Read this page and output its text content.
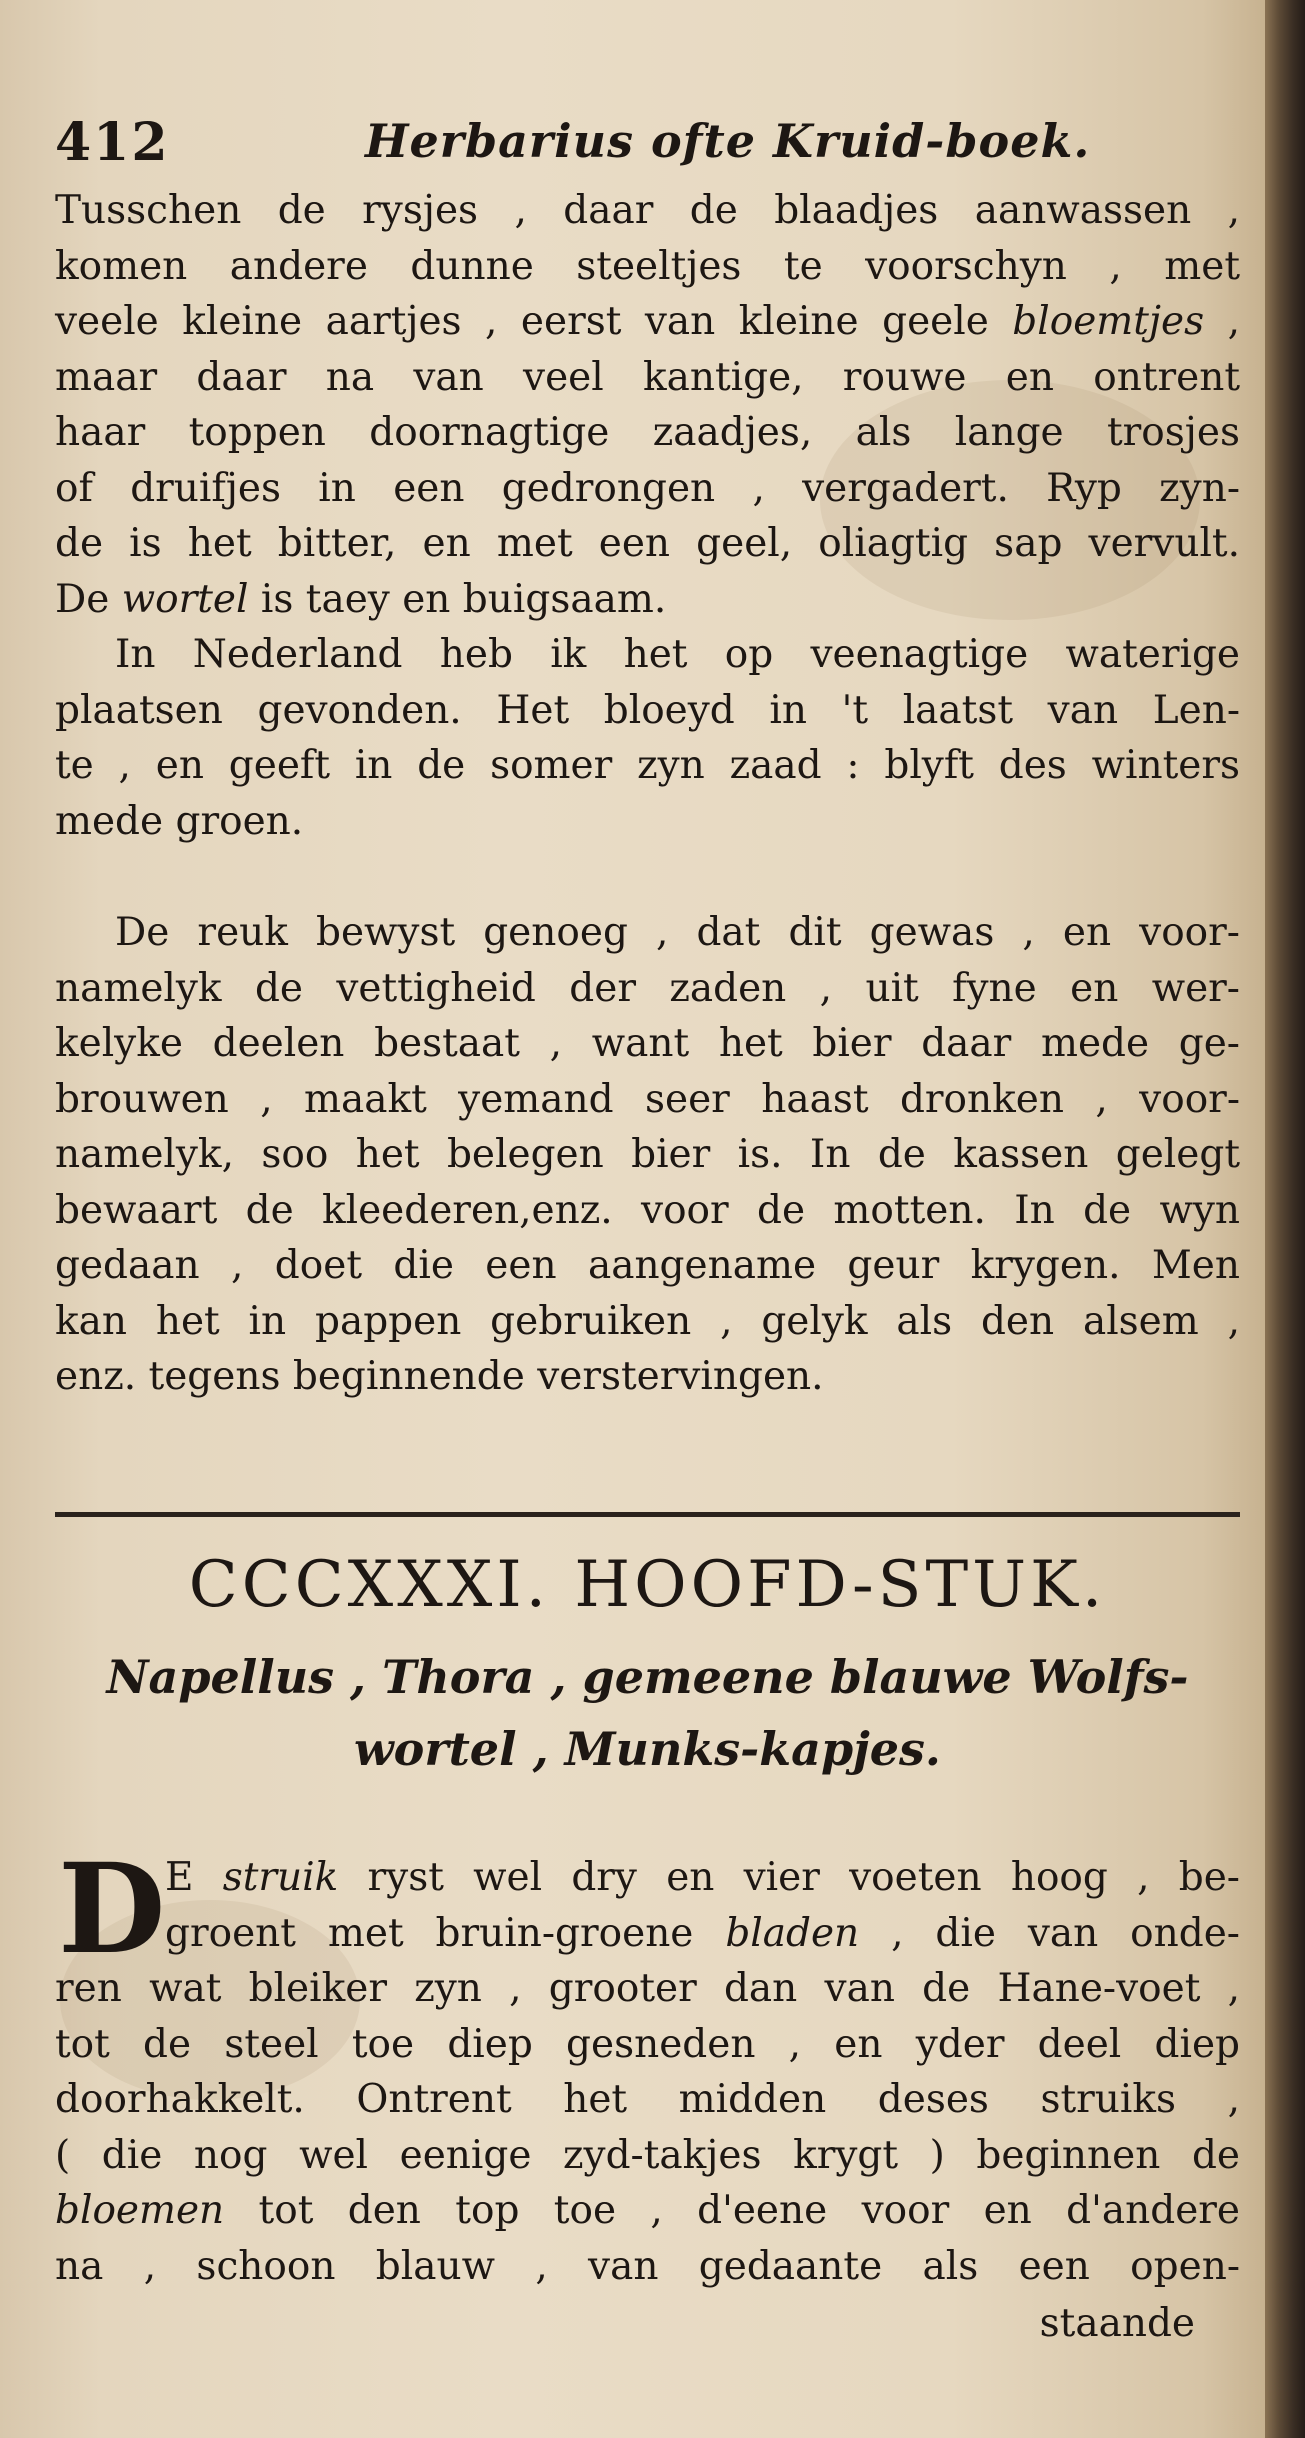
412	Herbarius ofte Kruid-boek.
Tusschen de rysjes , daar de blaadjes aanwassen ,
komen andere dunne steeltjes te voorschyn , met
veele kleine aartjes , eerst van kleine geele bloemtjes ,
maar daar na van veel kantige, rouwe en ontrent
haar toppen doornagtige zaadjes, als lange trosjes
of druifjes in een gedrongen , vergadert. Ryp zyn-
de is het bitter, en met een geel, oliagtig sap vervult.
De wortel is taey en buigsaam.
In Nederland heb ik het op veenagtige waterige
plaatsen gevonden. Het bloeyd in 't laatst van Len-
te , en geeft in de somer zyn zaad : blyft des winters
mede groen.
De reuk bewyst genoeg , dat dit gewas , en voor-
namelyk de vettigheid der zaden , uit fyne en wer-
kelyke deelen bestaat , want het bier daar mede ge-
brouwen , maakt yemand seer haast dronken , voor-
namelyk, soo het belegen bier is. In de kassen gelegt
bewaart de kleederen,enz. voor de motten. In de wyn
gedaan , doet die een aangename geur krygen. Men
kan het in pappen gebruiken , gelyk als den alsem ,
enz. tegens beginnende verstervingen.
CCCXXXI. HOOFD-STUK.
Napellus , Thora , gemeene blauwe Wolfs-
wortel , Munks-kapjes.
D E struik ryst wel dry en vier voeten hoog , be-
groent met bruin-groene bladen , die van onde-
ren wat bleiker zyn , grooter dan van de Hane-voet ,
tot de steel toe diep gesneden , en yder deel diep
doorhakkelt. Ontrent het midden deses struiks ,
( die nog wel eenige zyd-takjes krygt ) beginnen de
bloemen tot den top toe , d'eene voor en d'andere
na , schoon blauw , van gedaante als een open-
staande
